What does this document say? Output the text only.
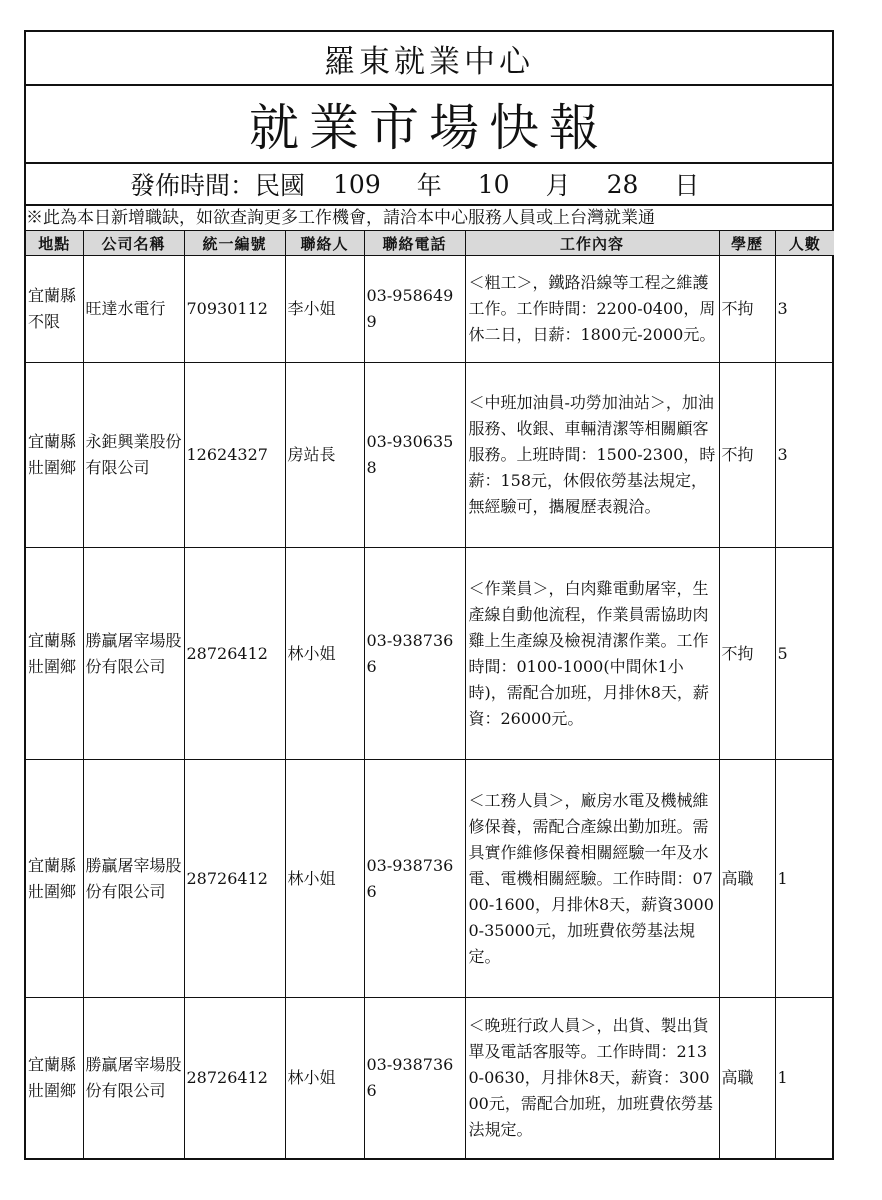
羅東就業中心
就業市場快報
發佈時間：民國 109 年 10 月 28 日
※此為本日新增職缺，如欲查詢更多工作機會，請洽本中心服務人員或上台灣就業通
地點	公司名稱	統一編號	聯絡人	聯絡電話	工作內容	學歷	人數
宜蘭縣不限	旺達水電行	70930112	李小姐	03-9586499	＜粗工＞，鐵路沿線等工程之維護工作。工作時間：2200-0400，周休二日，日薪：1800元-2000元。	不拘	3
宜蘭縣壯圍鄉	永鉅興業股份有限公司	12624327	房站長	03-9306358	＜中班加油員-功勞加油站＞，加油服務、收銀、車輛清潔等相關顧客服務。上班時間：1500-2300，時薪：158元，休假依勞基法規定，無經驗可，攜履歷表親洽。	不拘	3
宜蘭縣壯圍鄉	勝贏屠宰場股份有限公司	28726412	林小姐	03-9387366	＜作業員＞，白肉雞電動屠宰，生產線自動他流程，作業員需協助肉雞上生產線及檢視清潔作業。工作時間：0100-1000(中間休1小時)，需配合加班，月排休8天，薪資：26000元。	不拘	5
宜蘭縣壯圍鄉	勝贏屠宰場股份有限公司	28726412	林小姐	03-9387366	＜工務人員＞，廠房水電及機械維修保養，需配合產線出勤加班。需具實作維修保養相關經驗一年及水電、電機相關經驗。工作時間：0700-1600，月排休8天，薪資30000-35000元，加班費依勞基法規定。	高職	1
宜蘭縣壯圍鄉	勝贏屠宰場股份有限公司	28726412	林小姐	03-9387366	＜晚班行政人員＞，出貨、製出貨單及電話客服等。工作時間：2130-0630，月排休8天，薪資：30000元，需配合加班，加班費依勞基法規定。	高職	1
